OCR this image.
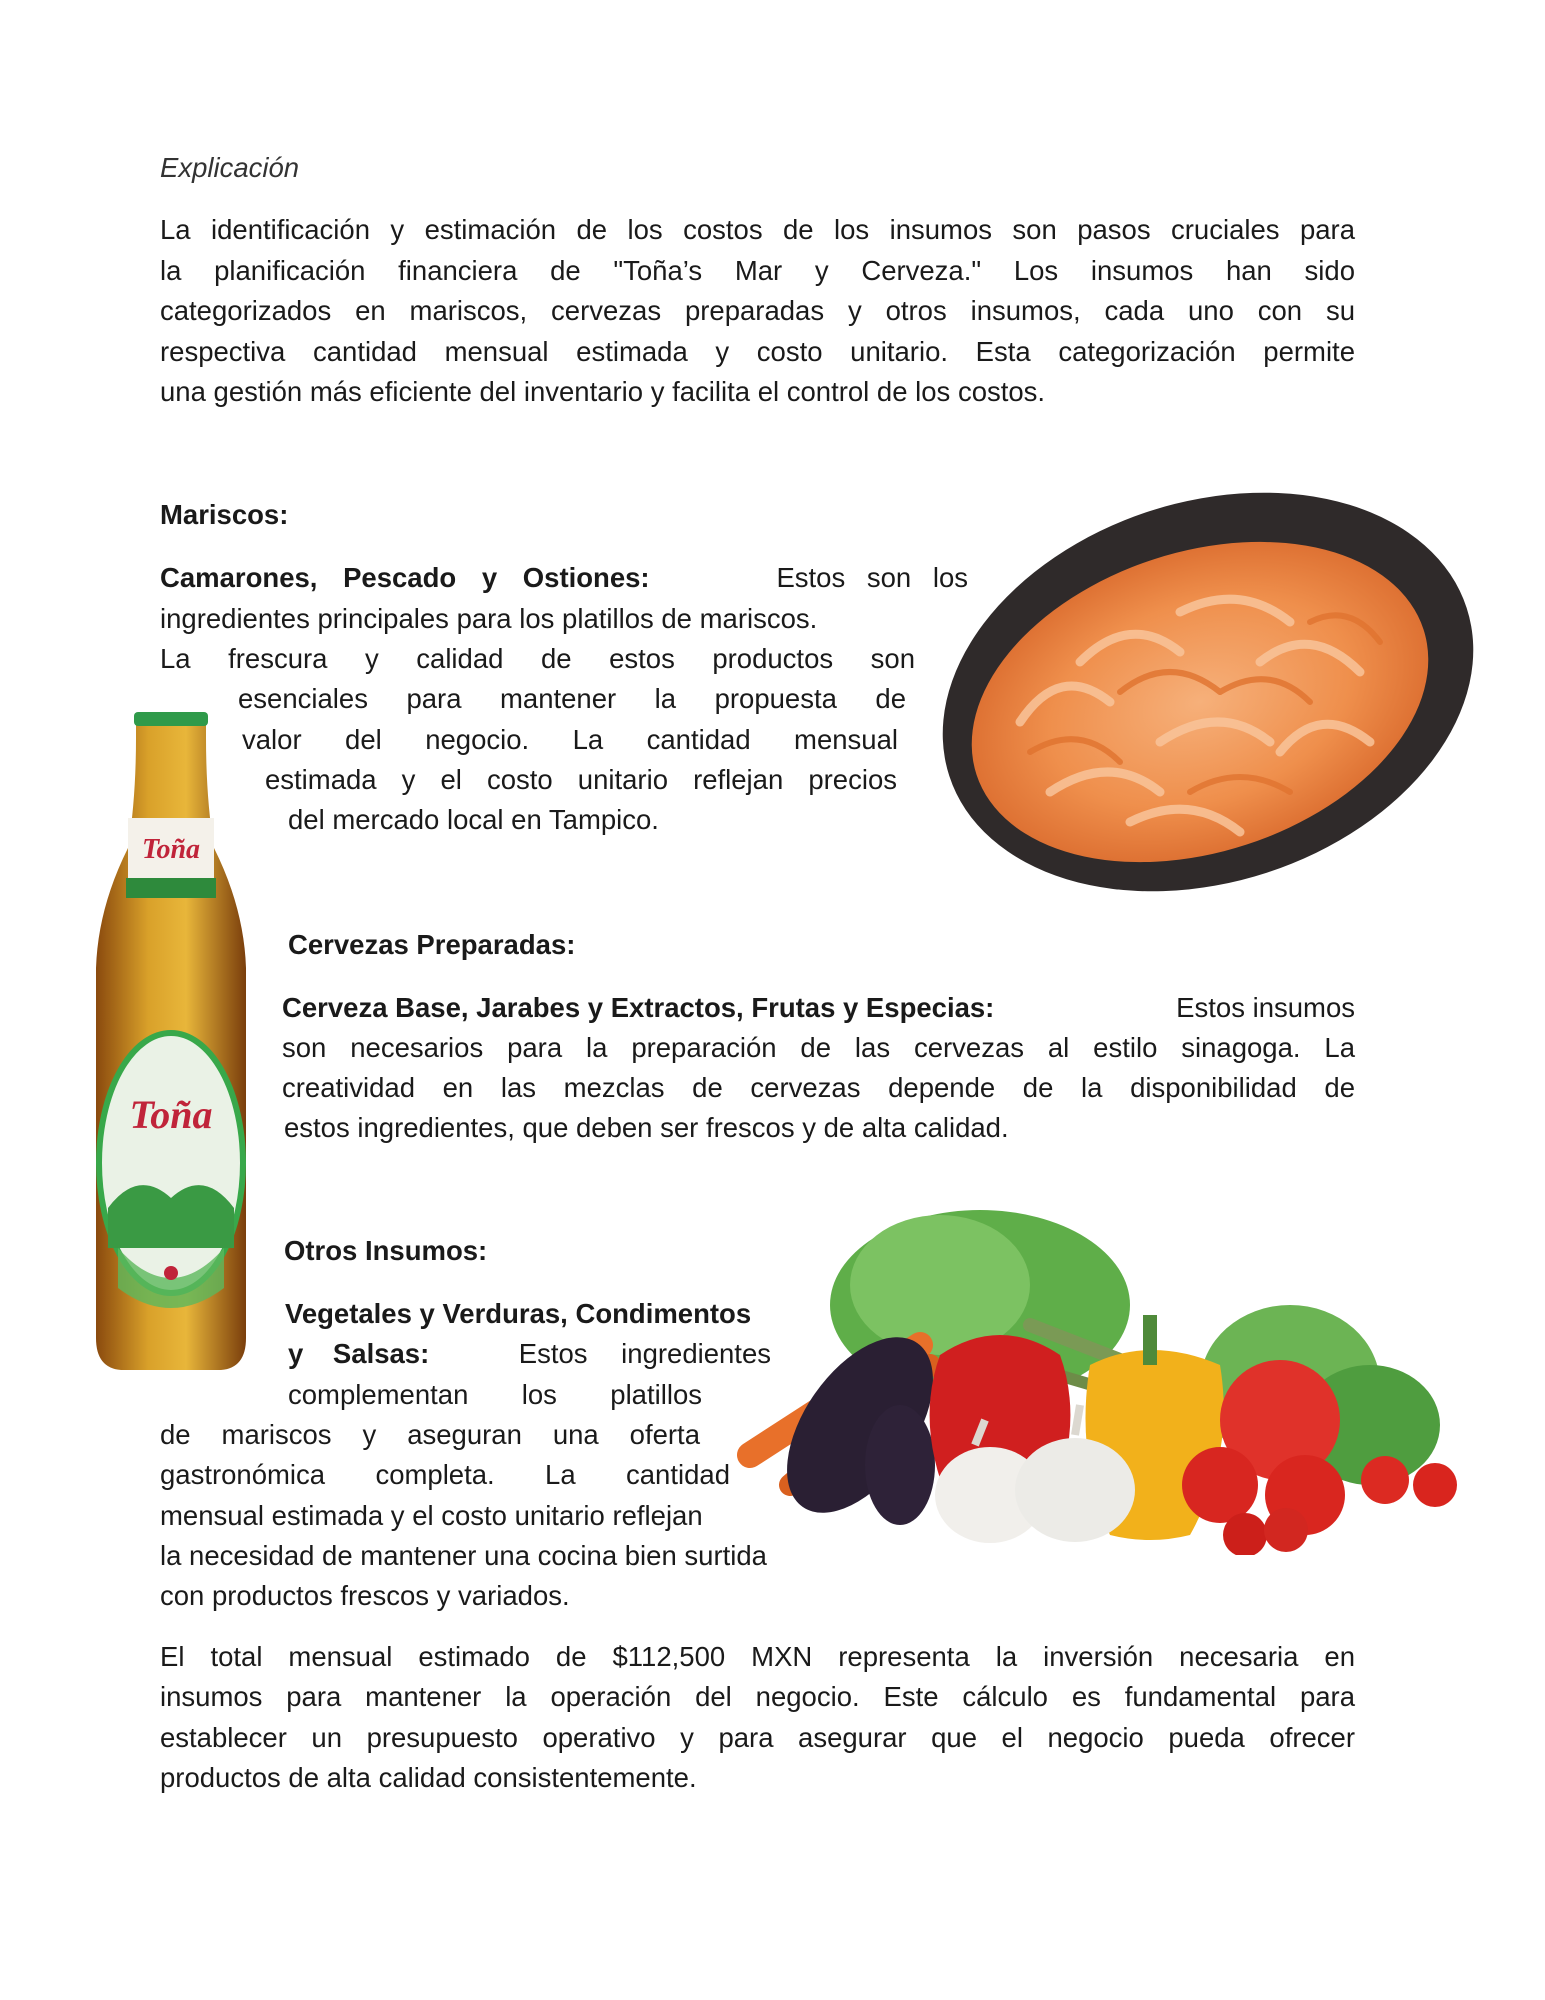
Explicación
La identificación y estimación de los costos de los insumos son pasos cruciales para
la planificación financiera de "Toña’s Mar y Cerveza." Los insumos han sido
categorizados en mariscos, cervezas preparadas y otros insumos, cada uno con su
respectiva cantidad mensual estimada y costo unitario. Esta categorización permite
una gestión más eficiente del inventario y facilita el control de los costos.
Mariscos:
Camarones, Pescado y Ostiones:	Estos son los
ingredientes principales para los platillos de mariscos.
La frescura y calidad de estos productos son
esenciales para mantener la propuesta de
valor del negocio. La cantidad mensual
estimada y el costo unitario reflejan precios
del mercado local en Tampico.
Toña
Toña
Cervezas Preparadas:
Cerveza Base, Jarabes y Extractos, Frutas y Especias:	Estos insumos
son necesarios para la preparación de las cervezas al estilo sinagoga. La
creatividad en las mezclas de cervezas depende de la disponibilidad de
estos ingredientes, que deben ser frescos y de alta calidad.
Otros Insumos:
Vegetales y Verduras, Condimentos
y Salsas:	Estos ingredientes
complementan los platillos
de mariscos y aseguran una oferta
gastronómica completa. La cantidad
mensual estimada y el costo unitario reflejan
la necesidad de mantener una cocina bien surtida
con productos frescos y variados.
El total mensual estimado de $112,500 MXN representa la inversión necesaria en
insumos para mantener la operación del negocio. Este cálculo es fundamental para
establecer un presupuesto operativo y para asegurar que el negocio pueda ofrecer
productos de alta calidad consistentemente.
